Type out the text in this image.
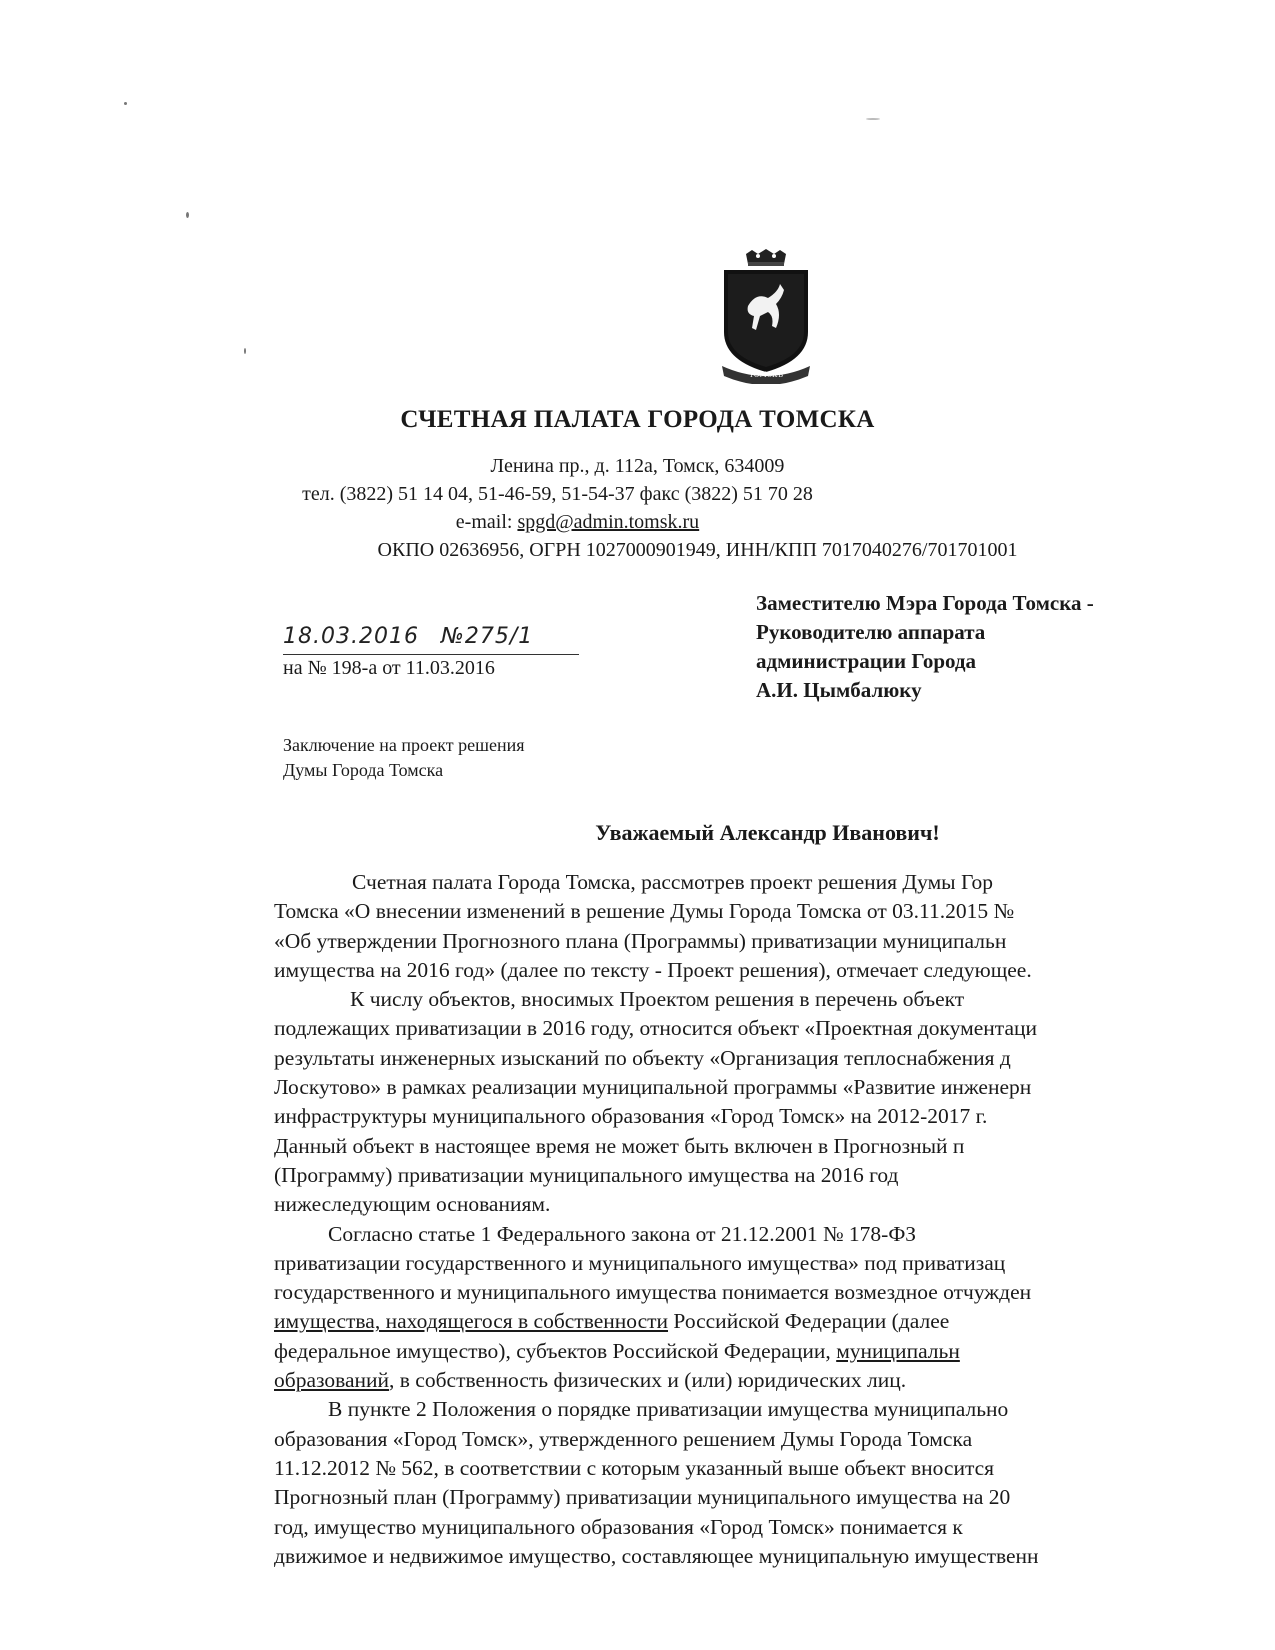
ТОМСКЪ
СЧЕТНАЯ ПАЛАТА ГОРОДА ТОМСКА
Ленина пр., д. 112а, Томск, 634009
тел. (3822) 51 14 04, 51-46-59, 51-54-37 факс (3822) 51 70 28
e-mail: spgd@admin.tomsk.ru
ОКПО 02636956, ОГРН 1027000901949, ИНН/КПП 7017040276/701701001
Заместителю Мэра Города Томска -
Руководителю аппарата
администрации Города
А.И. Цымбалюку
18.03.2016 №275/1
на № 198-а от 11.03.2016
Заключение на проект решения
Думы Города Томска
Уважаемый Александр Иванович!
Счетная палата Города Томска, рассмотрев проект решения Думы Гор
Томска «О внесении изменений в решение Думы Города Томска от 03.11.2015 №
«Об утверждении Прогнозного плана (Программы) приватизации муниципальн
имущества на 2016 год» (далее по тексту - Проект решения), отмечает следующее.
К числу объектов, вносимых Проектом решения в перечень объект
подлежащих приватизации в 2016 году, относится объект «Проектная документаци
результаты инженерных изысканий по объекту «Организация теплоснабжения д
Лоскутово» в рамках реализации муниципальной программы «Развитие инженерн
инфраструктуры муниципального образования «Город Томск» на 2012-2017 г.
Данный объект в настоящее время не может быть включен в Прогнозный п
(Программу) приватизации муниципального имущества на 2016 год
нижеследующим основаниям.
Согласно статье 1 Федерального закона от 21.12.2001 № 178-ФЗ
приватизации государственного и муниципального имущества» под приватизац
государственного и муниципального имущества понимается возмездное отчужден
имущества, находящегося в собственности Российской Федерации (далее
федеральное имущество), субъектов Российской Федерации, муниципальн
образований, в собственность физических и (или) юридических лиц.
В пункте 2 Положения о порядке приватизации имущества муниципально
образования «Город Томск», утвержденного решением Думы Города Томска
11.12.2012 № 562, в соответствии с которым указанный выше объект вносится
Прогнозный план (Программу) приватизации муниципального имущества на 20
год, имущество муниципального образования «Город Томск» понимается к
движимое и недвижимое имущество, составляющее муниципальную имущественн
